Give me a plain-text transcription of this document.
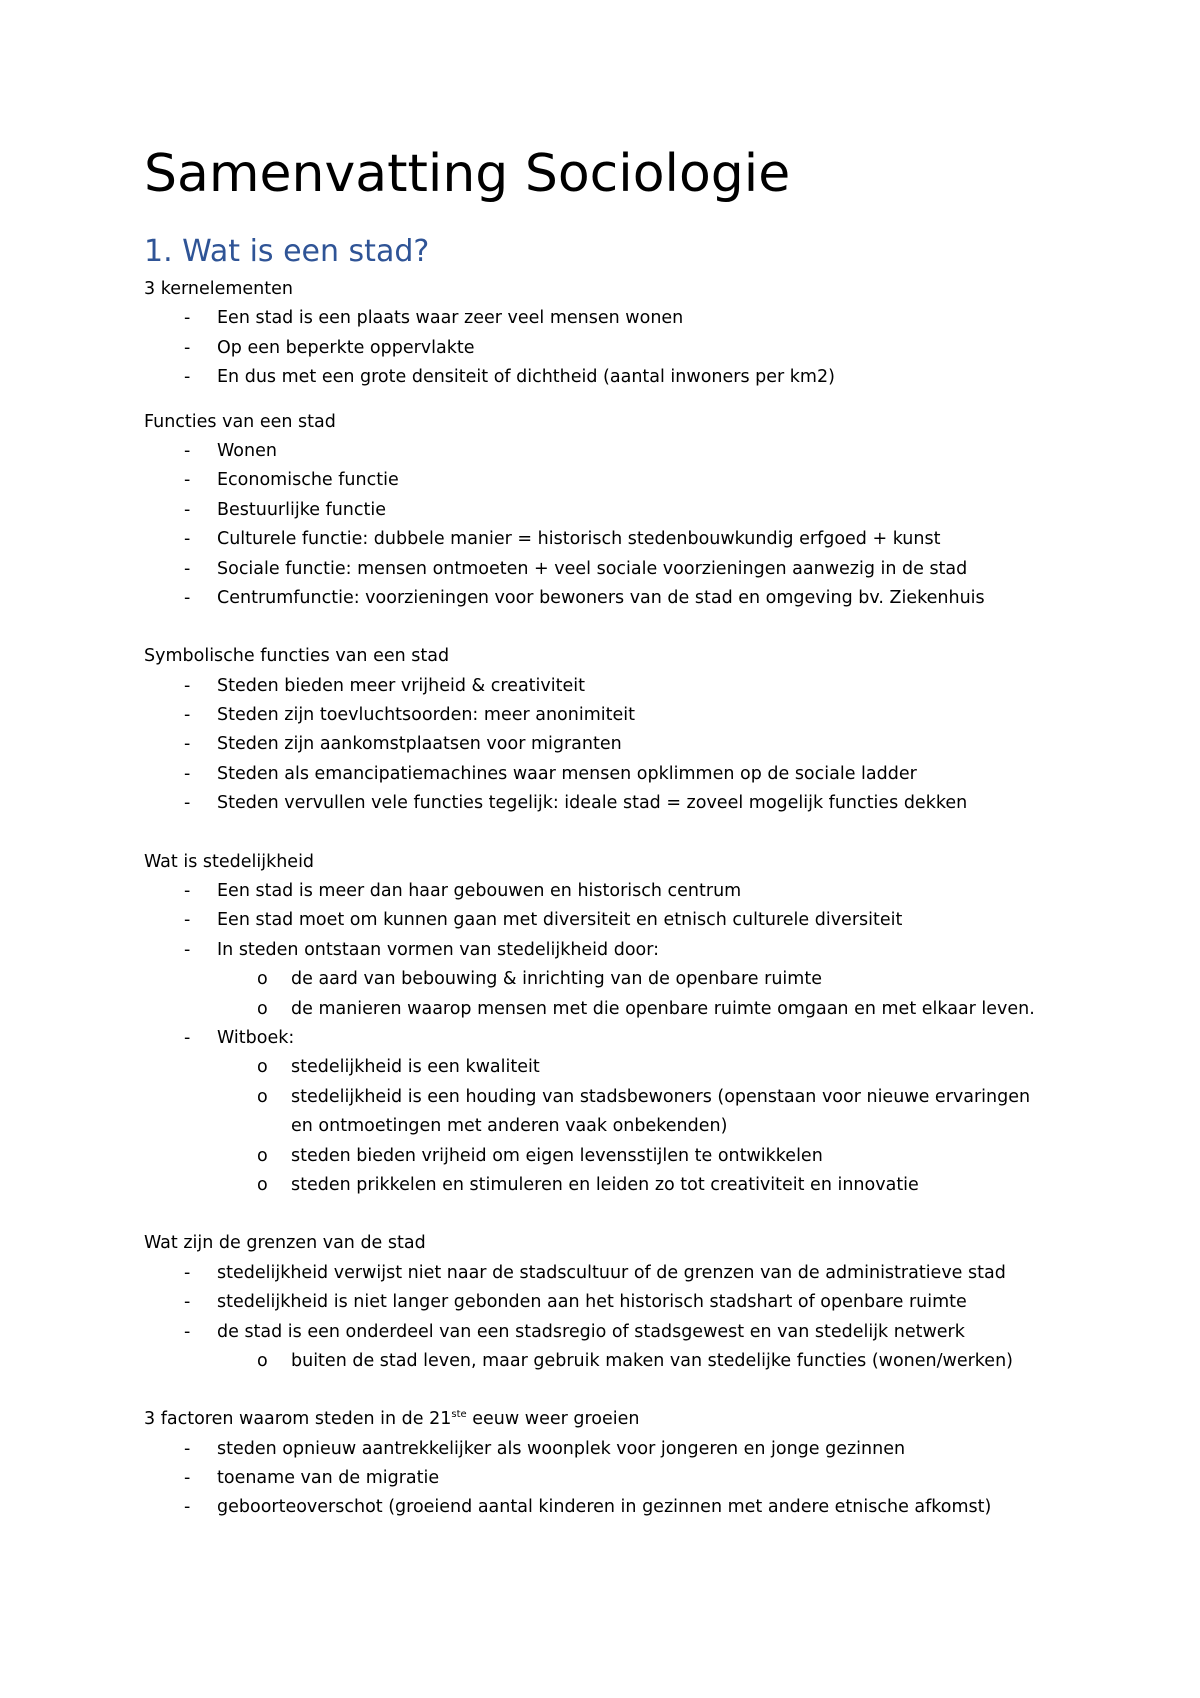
Samenvatting Sociologie
1. Wat is een stad?
3 kernelementen
- Een stad is een plaats waar zeer veel mensen wonen
- Op een beperkte oppervlakte
- En dus met een grote densiteit of dichtheid (aantal inwoners per km2)
Functies van een stad
- Wonen
- Economische functie
- Bestuurlijke functie
- Culturele functie: dubbele manier = historisch stedenbouwkundig erfgoed + kunst
- Sociale functie: mensen ontmoeten + veel sociale voorzieningen aanwezig in de stad
- Centrumfunctie: voorzieningen voor bewoners van de stad en omgeving bv. Ziekenhuis
Symbolische functies van een stad
- Steden bieden meer vrijheid & creativiteit
- Steden zijn toevluchtsoorden: meer anonimiteit
- Steden zijn aankomstplaatsen voor migranten
- Steden als emancipatiemachines waar mensen opklimmen op de sociale ladder
- Steden vervullen vele functies tegelijk: ideale stad = zoveel mogelijk functies dekken
Wat is stedelijkheid
- Een stad is meer dan haar gebouwen en historisch centrum
- Een stad moet om kunnen gaan met diversiteit en etnisch culturele diversiteit
- In steden ontstaan vormen van stedelijkheid door:
o de aard van bebouwing & inrichting van de openbare ruimte
o de manieren waarop mensen met die openbare ruimte omgaan en met elkaar leven.
- Witboek:
o stedelijkheid is een kwaliteit
o stedelijkheid is een houding van stadsbewoners (openstaan voor nieuwe ervaringen en ontmoetingen met anderen vaak onbekenden)
o steden bieden vrijheid om eigen levensstijlen te ontwikkelen
o steden prikkelen en stimuleren en leiden zo tot creativiteit en innovatie
Wat zijn de grenzen van de stad
- stedelijkheid verwijst niet naar de stadscultuur of de grenzen van de administratieve stad
- stedelijkheid is niet langer gebonden aan het historisch stadshart of openbare ruimte
- de stad is een onderdeel van een stadsregio of stadsgewest en van stedelijk netwerk
o buiten de stad leven, maar gebruik maken van stedelijke functies (wonen/werken)
3 factoren waarom steden in de 21ste eeuw weer groeien
- steden opnieuw aantrekkelijker als woonplek voor jongeren en jonge gezinnen
- toename van de migratie
- geboorteoverschot (groeiend aantal kinderen in gezinnen met andere etnische afkomst)
